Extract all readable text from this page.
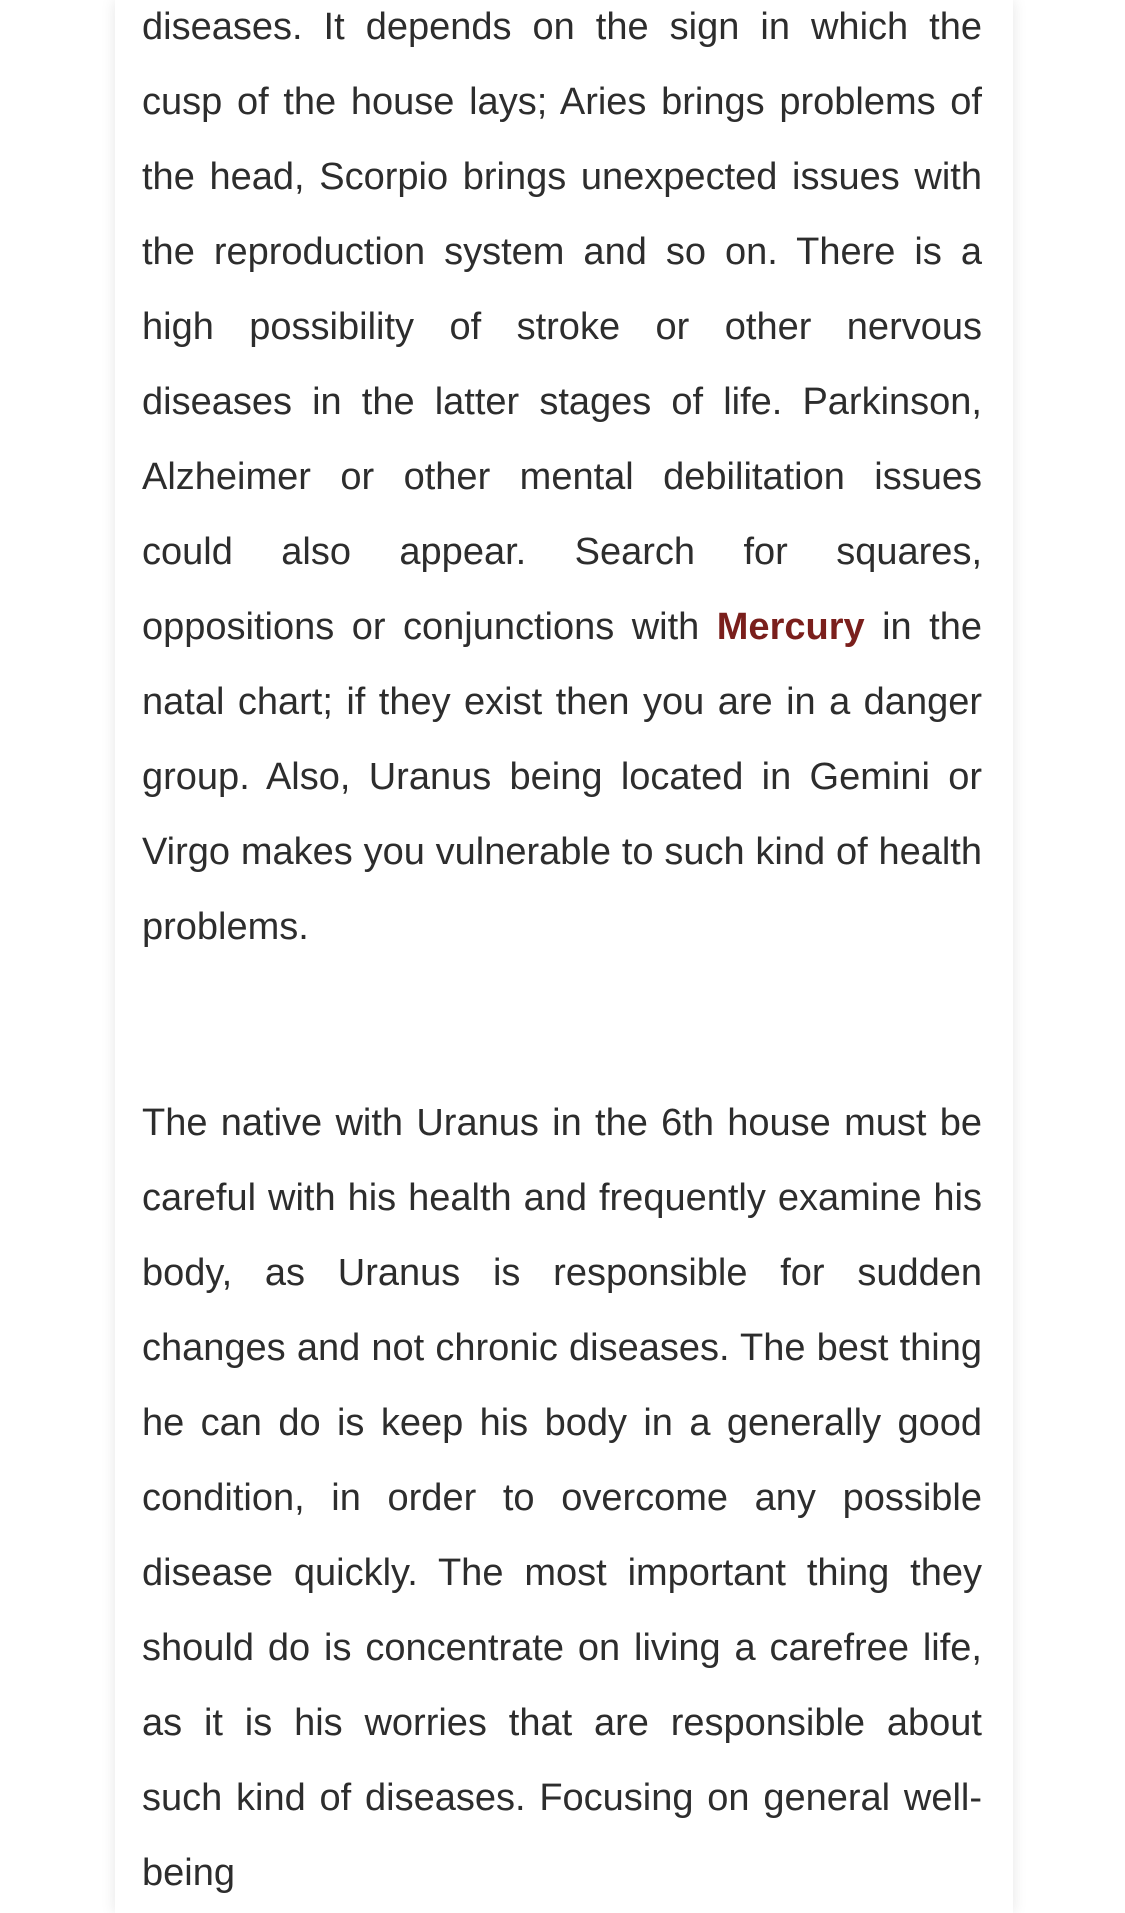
diseases. It depends on the sign in which the cusp of the house lays; Aries brings problems of the head, Scorpio brings unexpected issues with the reproduction system and so on. There is a high possibility of stroke or other nervous diseases in the latter stages of life. Parkinson, Alzheimer or other mental debilitation issues could also appear. Search for squares, oppositions or conjunctions with Mercury in the natal chart; if they exist then you are in a danger group. Also, Uranus being located in Gemini or Virgo makes you vulnerable to such kind of health problems.

The native with Uranus in the 6th house must be careful with his health and frequently examine his body, as Uranus is responsible for sudden changes and not chronic diseases. The best thing he can do is keep his body in a generally good condition, in order to overcome any possible disease quickly. The most important thing they should do is concentrate on living a carefree life, as it is his worries that are responsible about such kind of diseases. Focusing on general well-being
